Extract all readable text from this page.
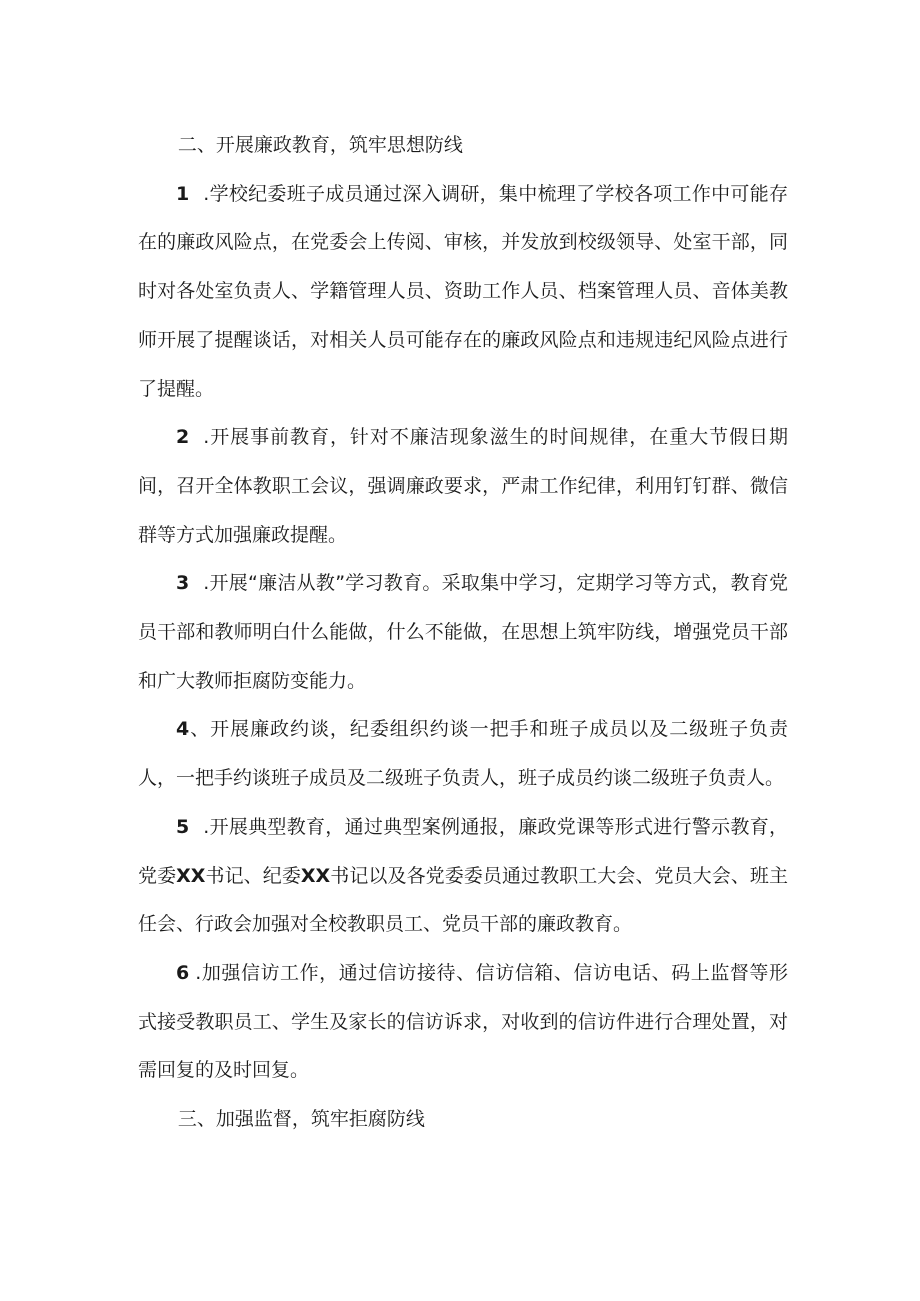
二、开展廉政教育，筑牢思想防线

1 .学校纪委班子成员通过深入调研，集中梳理了学校各项工作中可能存在的廉政风险点，在党委会上传阅、审核，并发放到校级领导、处室干部，同时对各处室负责人、学籍管理人员、资助工作人员、档案管理人员、音体美教师开展了提醒谈话，对相关人员可能存在的廉政风险点和违规违纪风险点进行了提醒。

2 .开展事前教育，针对不廉洁现象滋生的时间规律，在重大节假日期间，召开全体教职工会议，强调廉政要求，严肃工作纪律，利用钉钉群、微信群等方式加强廉政提醒。

3 .开展“廉洁从教”学习教育。采取集中学习，定期学习等方式，教育党员干部和教师明白什么能做，什么不能做，在思想上筑牢防线，增强党员干部和广大教师拒腐防变能力。

4、开展廉政约谈，纪委组织约谈一把手和班子成员以及二级班子负责人，一把手约谈班子成员及二级班子负责人，班子成员约谈二级班子负责人。

5 .开展典型教育，通过典型案例通报，廉政党课等形式进行警示教育，党委XX书记、纪委XX书记以及各党委委员通过教职工大会、党员大会、班主任会、行政会加强对全校教职员工、党员干部的廉政教育。

6 .加强信访工作，通过信访接待、信访信箱、信访电话、码上监督等形式接受教职员工、学生及家长的信访诉求，对收到的信访件进行合理处置，对需回复的及时回复。

三、加强监督，筑牢拒腐防线
